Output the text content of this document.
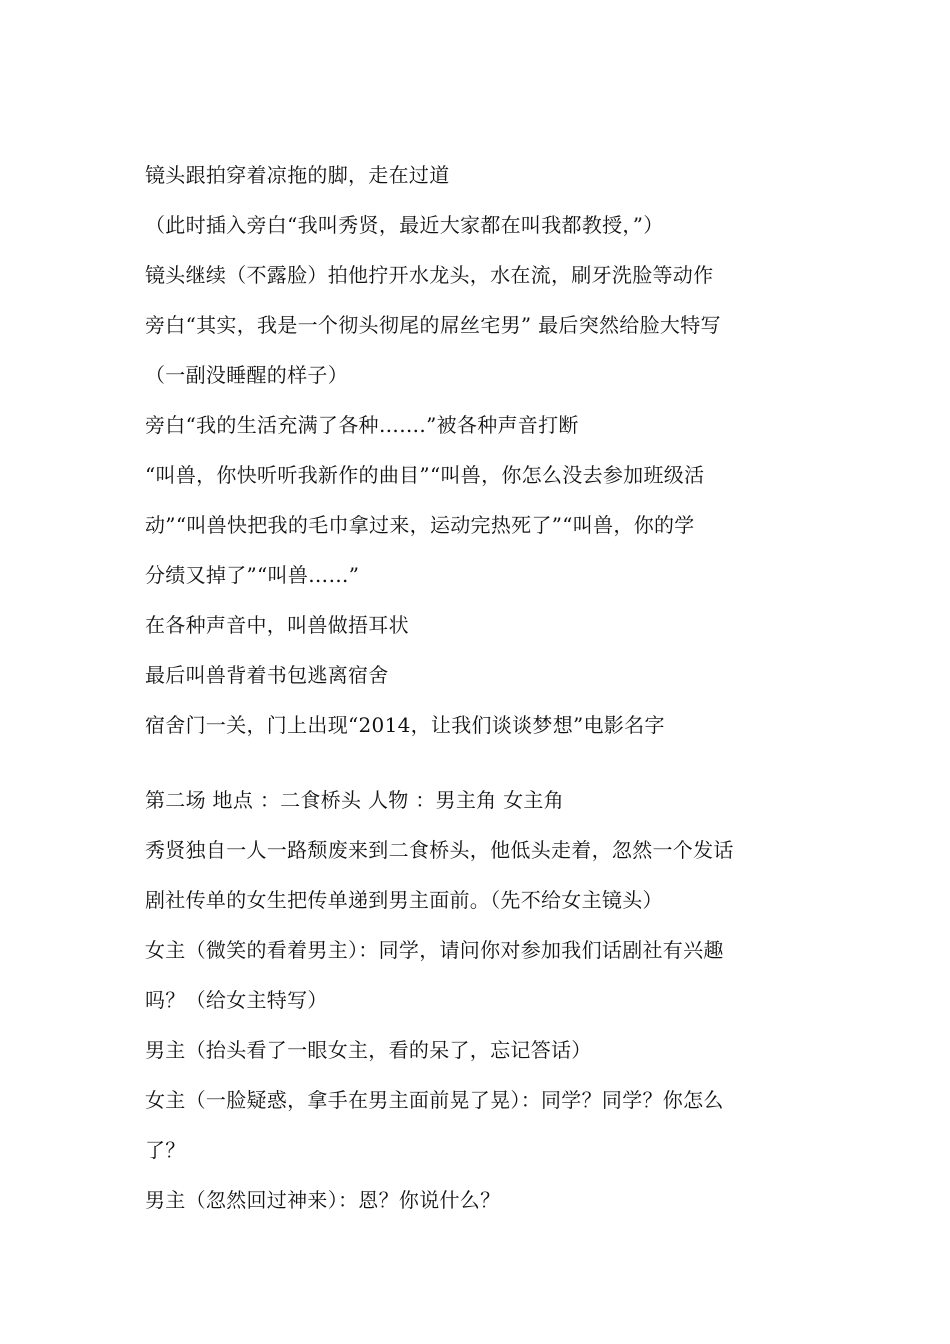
镜头跟拍穿着凉拖的脚，走在过道
（此时插入旁白“我叫秀贤，最近大家都在叫我都教授，”）
镜头继续（不露脸）拍他拧开水龙头，水在流，刷牙洗脸等动作
旁白“其实，我是一个彻头彻尾的屌丝宅男” 最后突然给脸大特写
（一副没睡醒的样子）
旁白“我的生活充满了各种…….”被各种声音打断
“叫兽，你快听听我新作的曲目”“叫兽，你怎么没去参加班级活
动”“叫兽快把我的毛巾拿过来，运动完热死了”“叫兽，你的学
分绩又掉了”“叫兽……”
在各种声音中，叫兽做捂耳状
最后叫兽背着书包逃离宿舍
宿舍门一关，门上出现“2014，让我们谈谈梦想”电影名字
第二场 地点 ：二食桥头 人物 ：男主角 女主角
秀贤独自一人一路颓废来到二食桥头，他低头走着，忽然一个发话
剧社传单的女生把传单递到男主面前。（先不给女主镜头）
女主（微笑的看着男主）：同学，请问你对参加我们话剧社有兴趣
吗？（给女主特写）
男主（抬头看了一眼女主，看的呆了，忘记答话）
女主（一脸疑惑，拿手在男主面前晃了晃）：同学？同学？你怎么
了？
男主（忽然回过神来）：恩？你说什么？
